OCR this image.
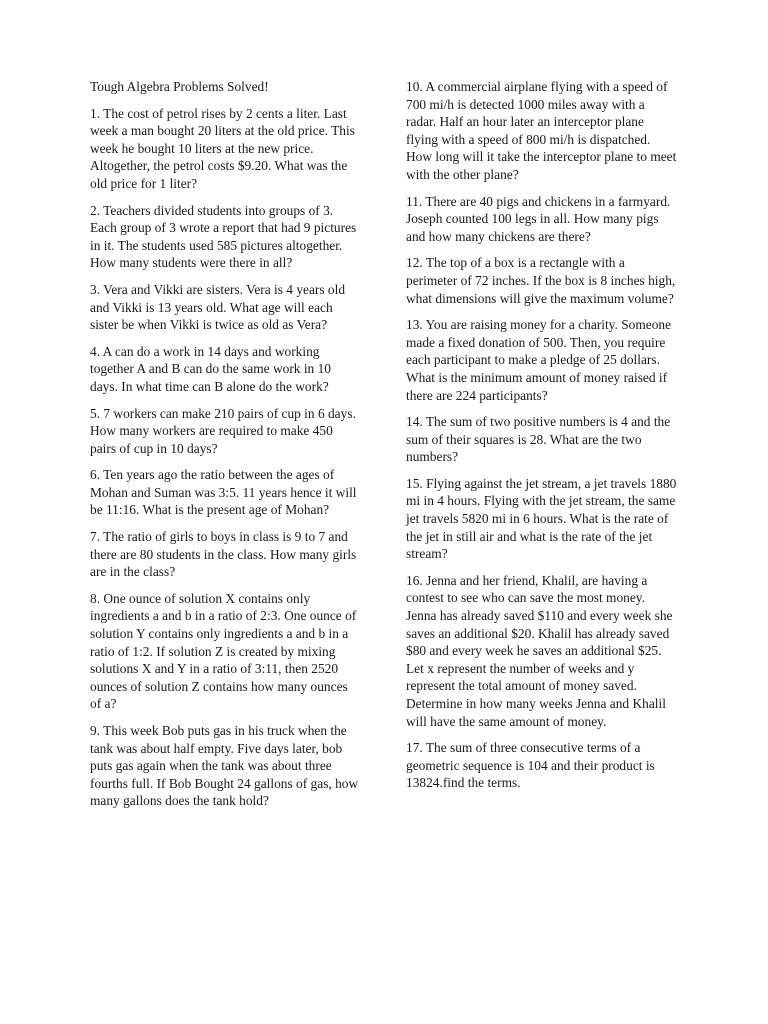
Tough Algebra Problems Solved!

1. The cost of petrol rises by 2 cents a liter. Last week a man bought 20 liters at the old price. This week he bought 10 liters at the new price. Altogether, the petrol costs $9.20. What was the old price for 1 liter?

2. Teachers divided students into groups of 3. Each group of 3 wrote a report that had 9 pictures in it. The students used 585 pictures altogether. How many students were there in all?

3. Vera and Vikki are sisters. Vera is 4 years old and Vikki is 13 years old. What age will each sister be when Vikki is twice as old as Vera?

4. A can do a work in 14 days and working together A and B can do the same work in 10 days. In what time can B alone do the work?

5. 7 workers can make 210 pairs of cup in 6 days. How many workers are required to make 450 pairs of cup in 10 days?

6. Ten years ago the ratio between the ages of Mohan and Suman was 3:5. 11 years hence it will be 11:16. What is the present age of Mohan?

7. The ratio of girls to boys in class is 9 to 7 and there are 80 students in the class. How many girls are in the class?

8. One ounce of solution X contains only ingredients a and b in a ratio of 2:3. One ounce of solution Y contains only ingredients a and b in a ratio of 1:2. If solution Z is created by mixing solutions X and Y in a ratio of 3:11, then 2520 ounces of solution Z contains how many ounces of a?

9. This week Bob puts gas in his truck when the tank was about half empty. Five days later, bob puts gas again when the tank was about three fourths full. If Bob Bought 24 gallons of gas, how many gallons does the tank hold?

10. A commercial airplane flying with a speed of 700 mi/h is detected 1000 miles away with a radar. Half an hour later an interceptor plane flying with a speed of 800 mi/h is dispatched. How long will it take the interceptor plane to meet with the other plane?

11. There are 40 pigs and chickens in a farmyard. Joseph counted 100 legs in all. How many pigs and how many chickens are there?

12. The top of a box is a rectangle with a perimeter of 72 inches. If the box is 8 inches high, what dimensions will give the maximum volume?

13. You are raising money for a charity. Someone made a fixed donation of 500. Then, you require each participant to make a pledge of 25 dollars. What is the minimum amount of money raised if there are 224 participants?

14. The sum of two positive numbers is 4 and the sum of their squares is 28. What are the two numbers?

15. Flying against the jet stream, a jet travels 1880 mi in 4 hours. Flying with the jet stream, the same jet travels 5820 mi in 6 hours. What is the rate of the jet in still air and what is the rate of the jet stream?

16. Jenna and her friend, Khalil, are having a contest to see who can save the most money. Jenna has already saved $110 and every week she saves an additional $20. Khalil has already saved $80 and every week he saves an additional $25. Let x represent the number of weeks and y represent the total amount of money saved. Determine in how many weeks Jenna and Khalil will have the same amount of money.

17. The sum of three consecutive terms of a geometric sequence is 104 and their product is 13824.find the terms.
